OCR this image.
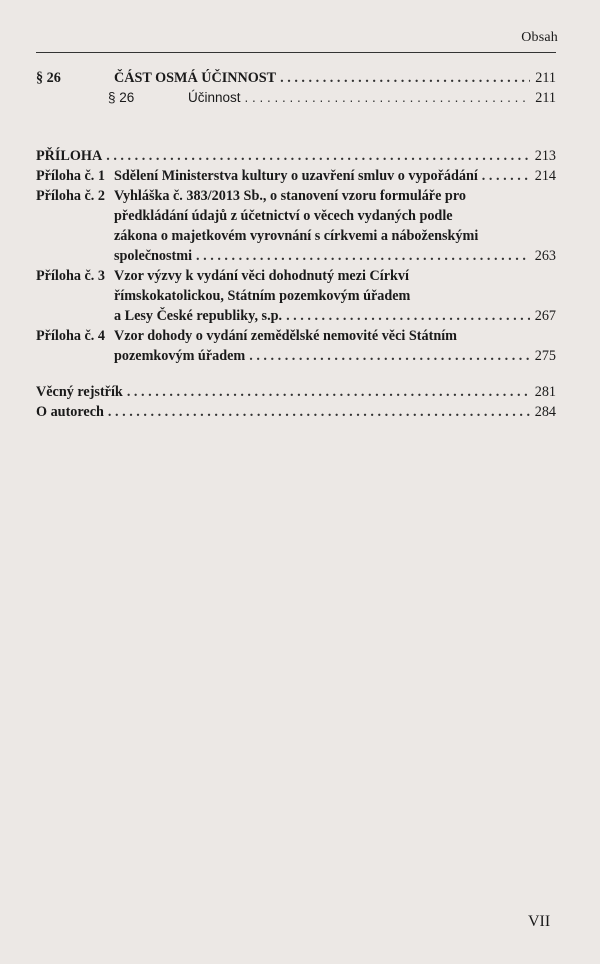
Obsah
§ 26	ČÁST OSMÁ ÚČINNOST . . .	211
§ 26	Účinnost . . .	211
PŘÍLOHA . . .	213
Příloha č. 1 Sdělení Ministerstva kultury o uzavření smluv o vypořádání . . .	214
Příloha č. 2 Vyhláška č. 383/2013 Sb., o stanovení vzoru formuláře pro
předkládání údajů z účetnictví o věcech vydaných podle
zákona o majetkovém vyrovnání s církvemi a náboženskými
společnostmi . . .	263
Příloha č. 3 Vzor výzvy k vydání věci dohodnutý mezi Církví
římskokatolickou, Státním pozemkovým úřadem
a Lesy České republiky, s.p. . . .	267
Příloha č. 4 Vzor dohody o vydání zemědělské nemovité věci Státním
pozemkovým úřadem . . .	275
Věcný rejstřík . . .	281
O autorech . . .	284
VII
